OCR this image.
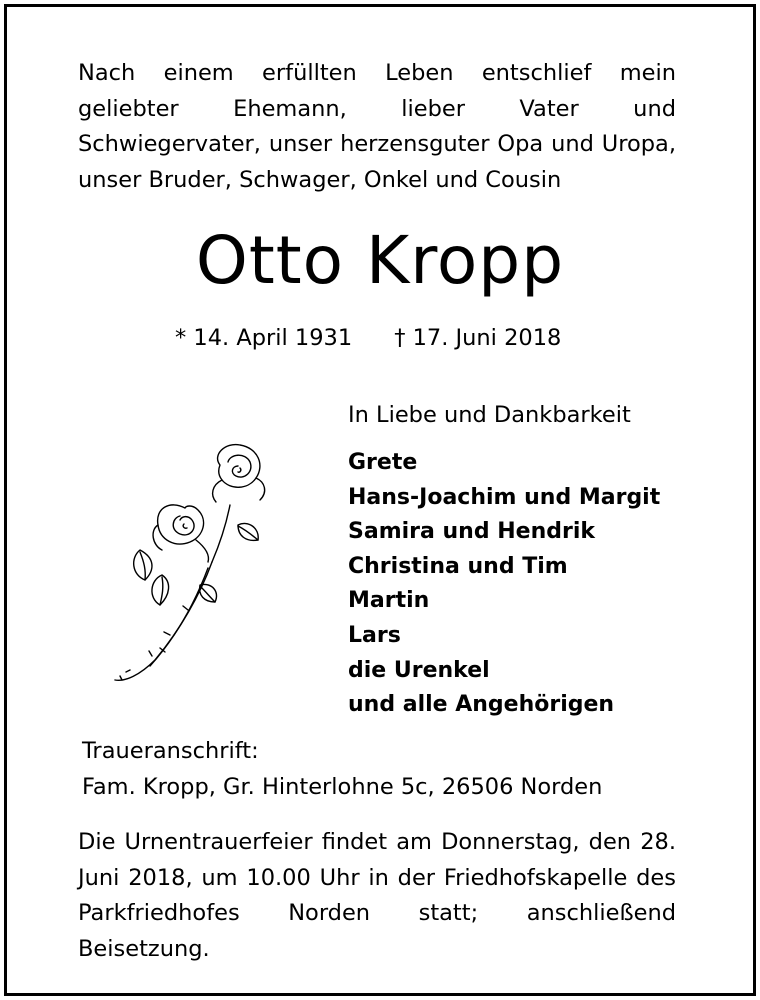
Nach einem erfüllten Leben entschlief mein geliebter Ehemann, lieber Vater und Schwiegervater, unser herzensguter Opa und Uropa, unser Bruder, Schwager, Onkel und Cousin
Otto Kropp
* 14. April 1931 † 17. Juni 2018
In Liebe und Dankbarkeit
Grete
Hans-Joachim und Margit
Samira und Hendrik
Christina und Tim
Martin
Lars
die Urenkel
und alle Angehörigen
Traueranschrift:
Fam. Kropp, Gr. Hinterlohne 5c, 26506 Norden
Die Urnentrauerfeier findet am Donnerstag, den 28. Juni 2018, um 10.00 Uhr in der Friedhofskapelle des Parkfriedhofes Norden statt; anschließend Beisetzung.
